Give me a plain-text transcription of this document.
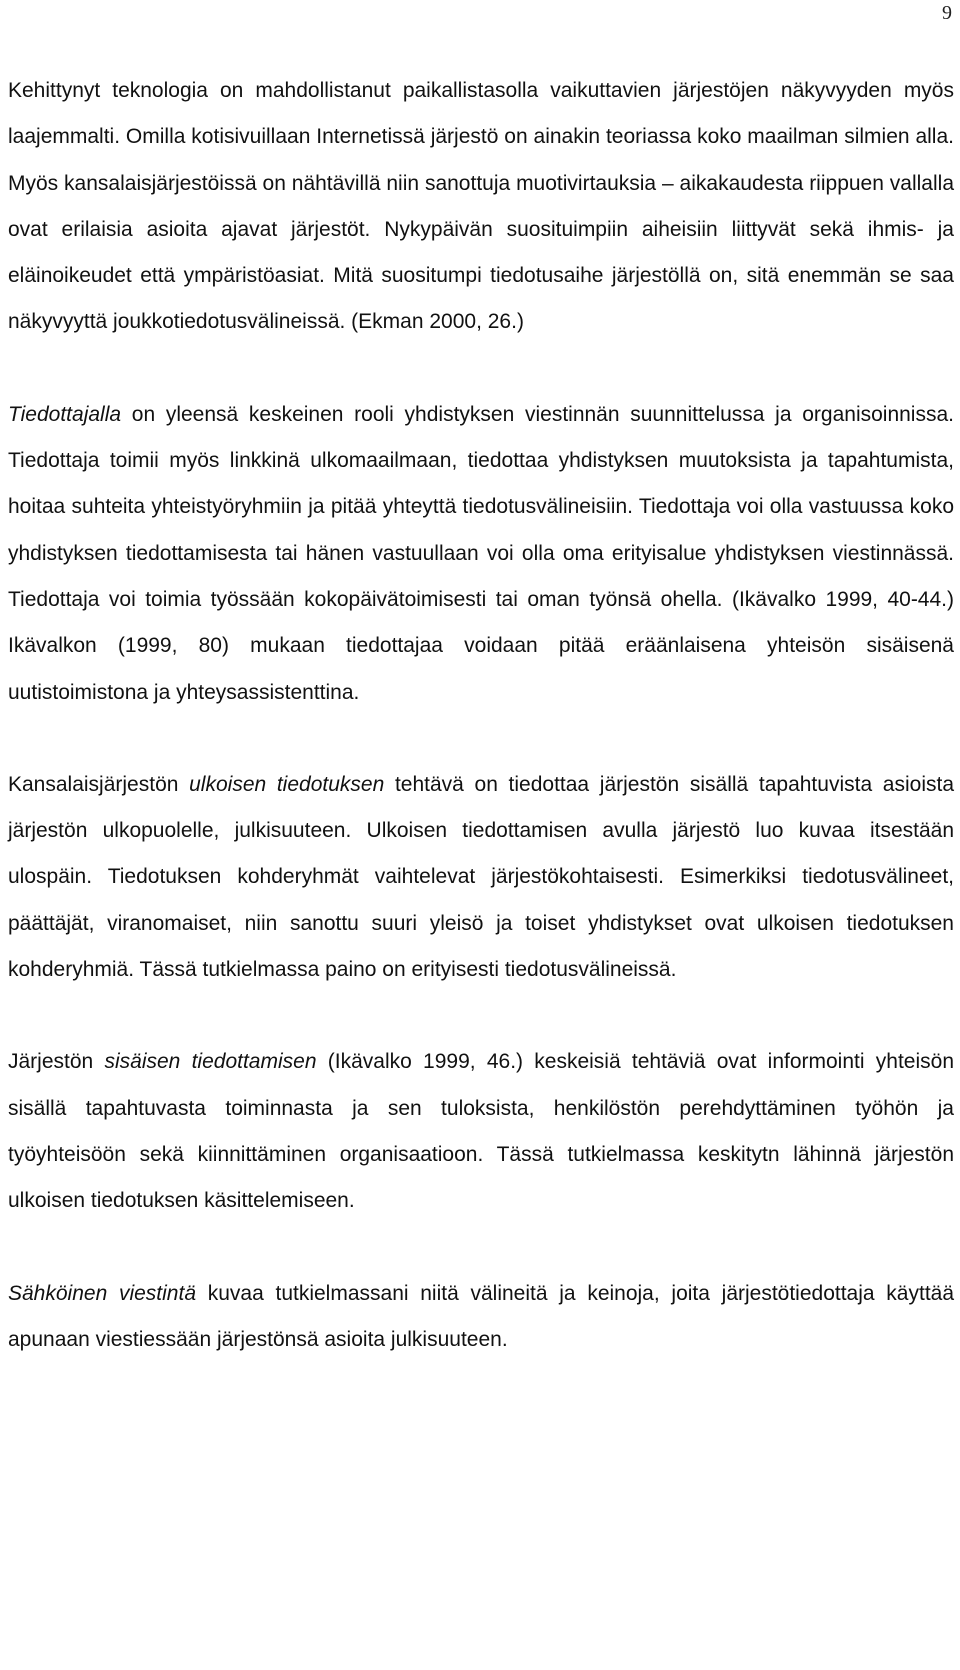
9

Kehittynyt teknologia on mahdollistanut paikallistasolla vaikuttavien järjestöjen näkyvyyden myös laajemmalti. Omilla kotisivuillaan Internetissä järjestö on ainakin teoriassa koko maailman silmien alla. Myös kansalaisjärjestöissä on nähtävillä niin sanottuja muotivirtauksia – aikakaudesta riippuen vallalla ovat erilaisia asioita ajavat järjestöt. Nykypäivän suosituimpiin aiheisiin liittyvät sekä ihmis- ja eläinoikeudet että ympäristöasiat. Mitä suositumpi tiedotusaihe järjestöllä on, sitä enemmän se saa näkyvyyttä joukkotiedotusvälineissä. (Ekman 2000, 26.)

Tiedottajalla on yleensä keskeinen rooli yhdistyksen viestinnän suunnittelussa ja organisoinnissa. Tiedottaja toimii myös linkkinä ulkomaailmaan, tiedottaa yhdistyksen muutoksista ja tapahtumista, hoitaa suhteita yhteistyöryhmiin ja pitää yhteyttä tiedotusvälineisiin. Tiedottaja voi olla vastuussa koko yhdistyksen tiedottamisesta tai hänen vastuullaan voi olla oma erityisalue yhdistyksen viestinnässä. Tiedottaja voi toimia työssään kokopäivätoimisesti tai oman työnsä ohella. (Ikävalko 1999, 40-44.) Ikävalkon (1999, 80) mukaan tiedottajaa voidaan pitää eräänlaisena yhteisön sisäisenä uutistoimistona ja yhteysassistenttina.

Kansalaisjärjestön ulkoisen tiedotuksen tehtävä on tiedottaa järjestön sisällä tapahtuvista asioista järjestön ulkopuolelle, julkisuuteen. Ulkoisen tiedottamisen avulla järjestö luo kuvaa itsestään ulospäin. Tiedotuksen kohderyhmät vaihtelevat järjestökohtaisesti. Esimerkiksi tiedotusvälineet, päättäjät, viranomaiset, niin sanottu suuri yleisö ja toiset yhdistykset ovat ulkoisen tiedotuksen kohderyhmiä. Tässä tutkielmassa paino on erityisesti tiedotusvälineissä.

Järjestön sisäisen tiedottamisen (Ikävalko 1999, 46.) keskeisiä tehtäviä ovat informointi yhteisön sisällä tapahtuvasta toiminnasta ja sen tuloksista, henkilöstön perehdyttäminen työhön ja työyhteisöön sekä kiinnittäminen organisaatioon. Tässä tutkielmassa keskitytn lähinnä järjestön ulkoisen tiedotuksen käsittelemiseen.

Sähköinen viestintä kuvaa tutkielmassani niitä välineitä ja keinoja, joita järjestötiedottaja käyttää apunaan viestiessään järjestönsä asioita julkisuuteen.
